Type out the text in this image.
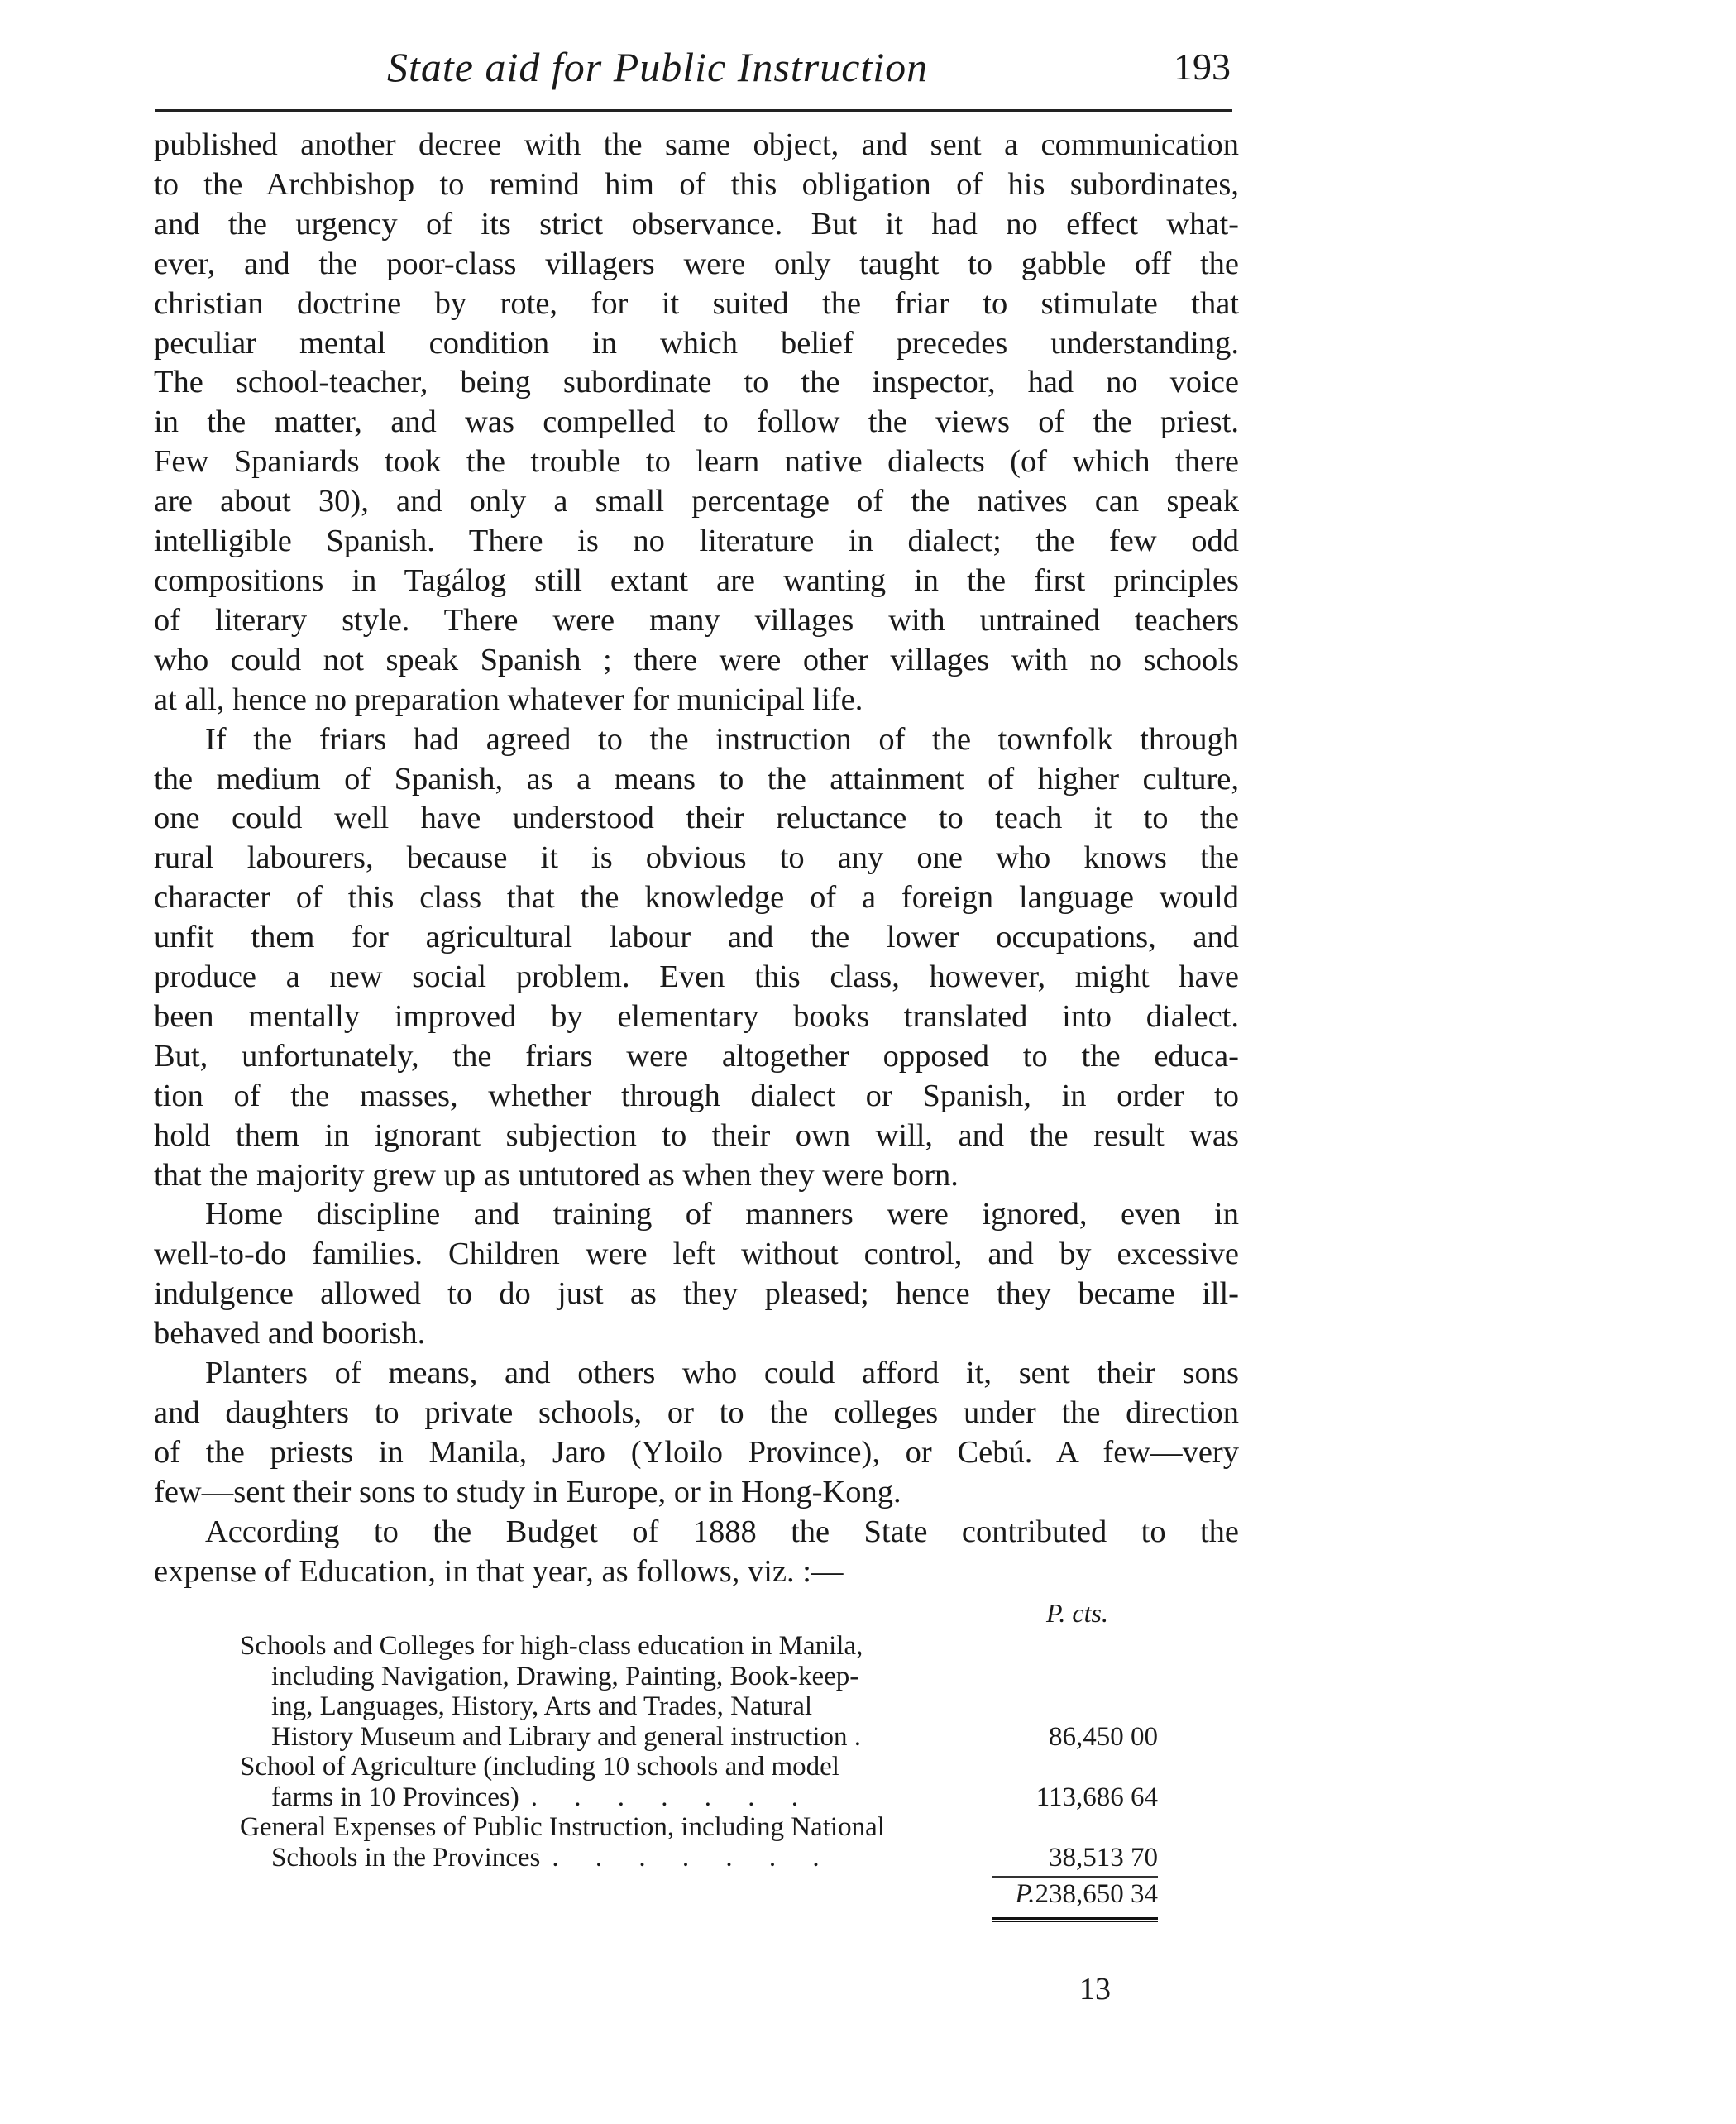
State aid for Public Instruction	193

published another decree with the same object, and sent a communication
to the Archbishop to remind him of this obligation of his subordinates,
and the urgency of its strict observance. But it had no effect what-
ever, and the poor-class villagers were only taught to gabble off the
christian doctrine by rote, for it suited the friar to stimulate that
peculiar mental condition in which belief precedes understanding.
The school-teacher, being subordinate to the inspector, had no voice
in the matter, and was compelled to follow the views of the priest.
Few Spaniards took the trouble to learn native dialects (of which there
are about 30), and only a small percentage of the natives can speak
intelligible Spanish. There is no literature in dialect; the few odd
compositions in Tagálog still extant are wanting in the first principles
of literary style. There were many villages with untrained teachers
who could not speak Spanish ; there were other villages with no schools
at all, hence no preparation whatever for municipal life.

If the friars had agreed to the instruction of the townfolk through
the medium of Spanish, as a means to the attainment of higher culture,
one could well have understood their reluctance to teach it to the
rural labourers, because it is obvious to any one who knows the
character of this class that the knowledge of a foreign language would
unfit them for agricultural labour and the lower occupations, and
produce a new social problem. Even this class, however, might have
been mentally improved by elementary books translated into dialect.
But, unfortunately, the friars were altogether opposed to the educa-
tion of the masses, whether through dialect or Spanish, in order to
hold them in ignorant subjection to their own will, and the result was
that the majority grew up as untutored as when they were born.

Home discipline and training of manners were ignored, even in
well-to-do families. Children were left without control, and by excessive
indulgence allowed to do just as they pleased; hence they became ill-
behaved and boorish.

Planters of means, and others who could afford it, sent their sons
and daughters to private schools, or to the colleges under the direction
of the priests in Manila, Jaro (Yloilo Province), or Cebú. A few—very
few—sent their sons to study in Europe, or in Hong-Kong.

According to the Budget of 1888 the State contributed to the
expense of Education, in that year, as follows, viz. :—

P. cts.
Schools and Colleges for high-class education in Manila,
including Navigation, Drawing, Painting, Book-keep-
ing, Languages, History, Arts and Trades, Natural
History Museum and Library and general instruction .	86,450 00
School of Agriculture (including 10 schools and model
farms in 10 Provinces) . . . . . . .	113,686 64
General Expenses of Public Instruction, including National
Schools in the Provinces . . . . . . .	38,513 70
P.238,650 34
13
